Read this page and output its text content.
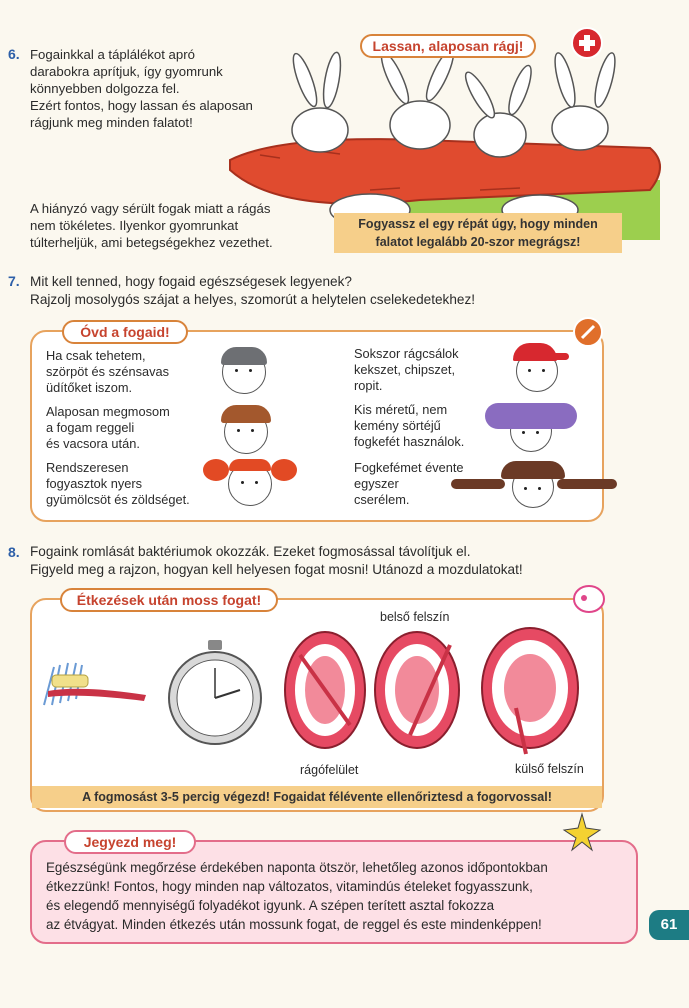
6. Fogainkkal a táplálékot apró
darabokra aprítjuk, így gyomrunk
könnyebben dolgozza fel.
Ezért fontos, hogy lassan és alaposan
rágjunk meg minden falatot!
Lassan, alaposan rágj!
A hiányzó vagy sérült fogak miatt a rágás
nem tökéletes. Ilyenkor gyomrunkat
túlterheljük, ami betegségekhez vezethet.
Fogyassz el egy répát úgy, hogy minden
falatot legalább 20-szor megrágsz!
7. Mit kell tenned, hogy fogaid egészségesek legyenek?
Rajzolj mosolygós szájat a helyes, szomorút a helytelen cselekedetekhez!
Óvd a fogaid!
Ha csak tehetem,
szörpöt és szénsavas
üdítőket iszom.
Alaposan megmosom
a fogam reggeli
és vacsora után.
Rendszeresen
fogyasztok nyers
gyümölcsöt és zöldséget.
Sokszor rágcsálok
kekszet, chipszet,
ropit.
Kis méretű, nem
kemény sörtéjű
fogkefét használok.
Fogkefémet évente
egyszer
cserélem.
8. Fogaink romlását baktériumok okozzák. Ezeket fogmosással távolítjuk el.
Figyeld meg a rajzon, hogyan kell helyesen fogat mosni! Utánozd a mozdulatokat!
Étkezések után moss fogat!
belső felszín
rágófelület	külső felszín
A fogmosást 3-5 percig végezd! Fogaidat félévente ellenőriztesd a fogorvossal!
Jegyezd meg!
Egészségünk megőrzése érdekében naponta ötször, lehetőleg azonos időpontokban
étkezzünk! Fontos, hogy minden nap változatos, vitamindús ételeket fogyasszunk,
és elegendő mennyiségű folyadékot igyunk. A szépen terített asztal fokozza
az étvágyat. Minden étkezés után mossunk fogat, de reggel és este mindenképpen!	61
